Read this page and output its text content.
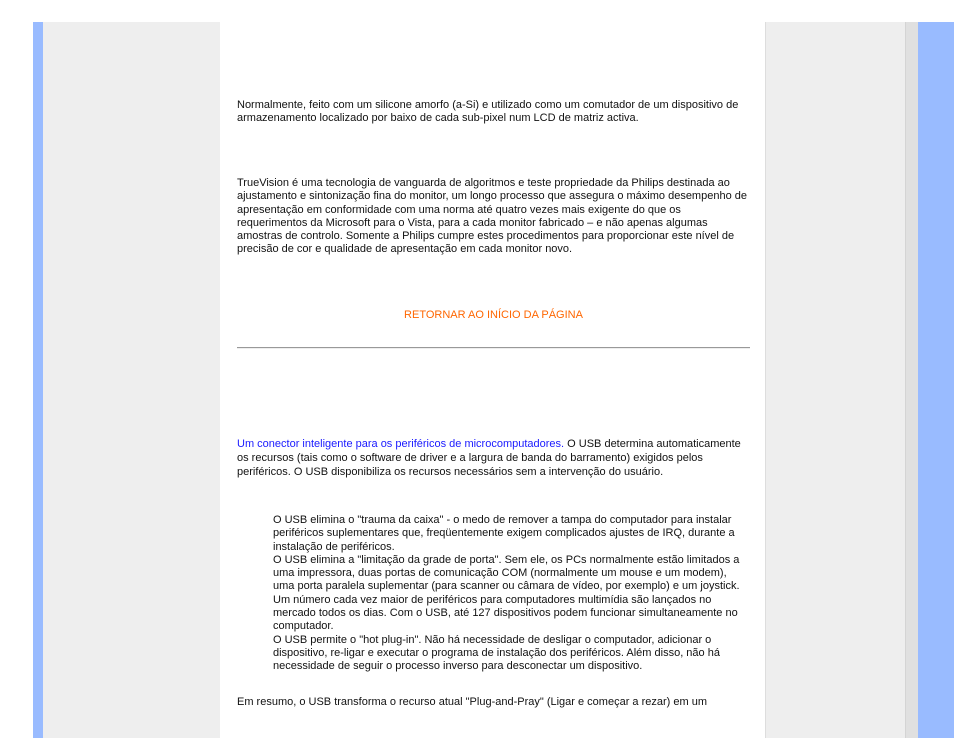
Normalmente, feito com um silicone amorfo (a-Si) e utilizado como um comutador de um dispositivo de armazenamento localizado por baixo de cada sub-pixel num LCD de matriz activa.

TrueVision é uma tecnologia de vanguarda de algoritmos e teste propriedade da Philips destinada ao ajustamento e sintonização fina do monitor, um longo processo que assegura o máximo desempenho de apresentação em conformidade com uma norma até quatro vezes mais exigente do que os requerimentos da Microsoft para o Vista, para a cada monitor fabricado – e não apenas algumas amostras de controlo. Somente a Philips cumpre estes procedimentos para proporcionar este nível de precisão de cor e qualidade de apresentação em cada monitor novo.

RETORNAR AO INÍCIO DA PÁGINA

Um conector inteligente para os periféricos de microcomputadores. O USB determina automaticamente os recursos (tais como o software de driver e a largura de banda do barramento) exigidos pelos periféricos. O USB disponibiliza os recursos necessários sem a intervenção do usuário.

O USB elimina o "trauma da caixa" - o medo de remover a tampa do computador para instalar periféricos suplementares que, freqüentemente exigem complicados ajustes de IRQ, durante a instalação de periféricos.
O USB elimina a "limitação da grade de porta". Sem ele, os PCs normalmente estão limitados a uma impressora, duas portas de comunicação COM (normalmente um mouse e um modem), uma porta paralela suplementar (para scanner ou câmara de vídeo, por exemplo) e um joystick. Um número cada vez maior de periféricos para computadores multimídia são lançados no mercado todos os dias. Com o USB, até 127 dispositivos podem funcionar simultaneamente no computador.
O USB permite o "hot plug-in". Não há necessidade de desligar o computador, adicionar o dispositivo, re-ligar e executar o programa de instalação dos periféricos. Além disso, não há necessidade de seguir o processo inverso para desconectar um dispositivo.

Em resumo, o USB transforma o recurso atual "Plug-and-Pray" (Ligar e começar a rezar) em um
